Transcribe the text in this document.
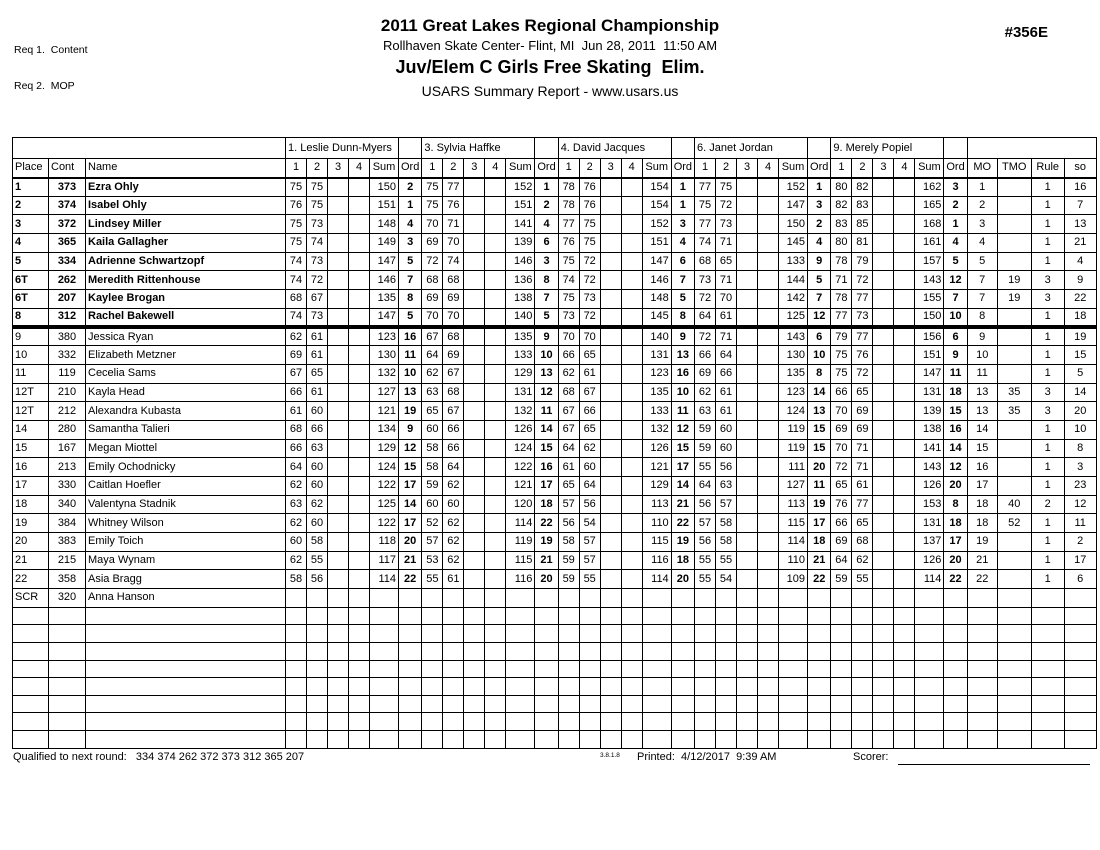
Req 1.  Content

Req 2.  MOP

2011 Great Lakes Regional Championship
Rollhaven Skate Center- Flint, MI  Jun 28, 2011  11:50 AM
Juv/Elem C Girls Free Skating  Elim.
USARS Summary Report - www.usars.us
#356E
			1. Leslie Dunn-Myers						3. Sylvia Haffke						4. David Jacques						6. Janet Jordan						9. Merely Popiel									
Place	Cont	Name	1	2	3	4	Sum	Ord	1	2	3	4	Sum	Ord	1	2	3	4	Sum	Ord	1	2	3	4	Sum	Ord	1	2	3	4	Sum	Ord	MO	TMO	Rule	so
1	373	Ezra Ohly	75	75			150	2	75	77			152	1	78	76			154	1	77	75			152	1	80	82			162	3	1		1	16
2	374	Isabel Ohly	76	75			151	1	75	76			151	2	78	76			154	1	75	72			147	3	82	83			165	2	2		1	7
3	372	Lindsey Miller	75	73			148	4	70	71			141	4	77	75			152	3	77	73			150	2	83	85			168	1	3		1	13
4	365	Kaila Gallagher	75	74			149	3	69	70			139	6	76	75			151	4	74	71			145	4	80	81			161	4	4		1	21
5	334	Adrienne Schwartzopf	74	73			147	5	72	74			146	3	75	72			147	6	68	65			133	9	78	79			157	5	5		1	4
6T	262	Meredith Rittenhouse	74	72			146	7	68	68			136	8	74	72			146	7	73	71			144	5	71	72			143	12	7	19	3	9
6T	207	Kaylee Brogan	68	67			135	8	69	69			138	7	75	73			148	5	72	70			142	7	78	77			155	7	7	19	3	22
8	312	Rachel Bakewell	74	73			147	5	70	70			140	5	73	72			145	8	64	61			125	12	77	73			150	10	8		1	18
9	380	Jessica Ryan	62	61			123	16	67	68			135	9	70	70			140	9	72	71			143	6	79	77			156	6	9		1	19
10	332	Elizabeth Metzner	69	61			130	11	64	69			133	10	66	65			131	13	66	64			130	10	75	76			151	9	10		1	15
11	119	Cecelia Sams	67	65			132	10	62	67			129	13	62	61			123	16	69	66			135	8	75	72			147	11	11		1	5
12T	210	Kayla Head	66	61			127	13	63	68			131	12	68	67			135	10	62	61			123	14	66	65			131	18	13	35	3	14
12T	212	Alexandra Kubasta	61	60			121	19	65	67			132	11	67	66			133	11	63	61			124	13	70	69			139	15	13	35	3	20
14	280	Samantha Talieri	68	66			134	9	60	66			126	14	67	65			132	12	59	60			119	15	69	69			138	16	14		1	10
15	167	Megan Miottel	66	63			129	12	58	66			124	15	64	62			126	15	59	60			119	15	70	71			141	14	15		1	8
16	213	Emily Ochodnicky	64	60			124	15	58	64			122	16	61	60			121	17	55	56			111	20	72	71			143	12	16		1	3
17	330	Caitlan Hoefler	62	60			122	17	59	62			121	17	65	64			129	14	64	63			127	11	65	61			126	20	17		1	23
18	340	Valentyna Stadnik	63	62			125	14	60	60			120	18	57	56			113	21	56	57			113	19	76	77			153	8	18	40	2	12
19	384	Whitney Wilson	62	60			122	17	52	62			114	22	56	54			110	22	57	58			115	17	66	65			131	18	18	52	1	11
20	383	Emily Toich	60	58			118	20	57	62			119	19	58	57			115	19	56	58			114	18	69	68			137	17	19		1	2
21	215	Maya Wynam	62	55			117	21	53	62			115	21	59	57			116	18	55	55			110	21	64	62			126	20	21		1	17
22	358	Asia Bragg	58	56			114	22	55	61			116	20	59	55			114	20	55	54			109	22	59	55			114	22	22		1	6
SCR	320	Anna Hanson																																		

Qualified to next round: 334 374 262 372 373 312 365 207	3.8.1.8 Printed: 4/12/2017  9:39 AM	Scorer:
